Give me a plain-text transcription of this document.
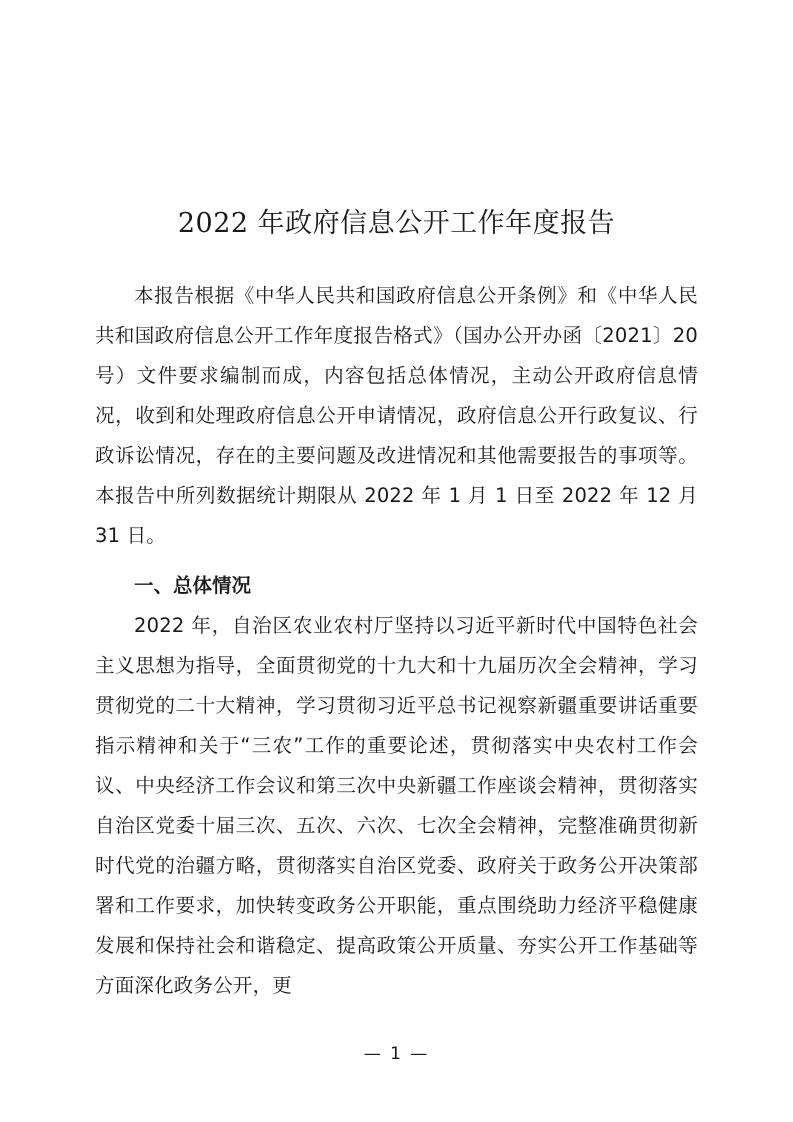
2022 年政府信息公开工作年度报告

本报告根据《中华人民共和国政府信息公开条例》和《中华人民共和国政府信息公开工作年度报告格式》（国办公开办函〔2021〕20 号）文件要求编制而成，内容包括总体情况，主动公开政府信息情况，收到和处理政府信息公开申请情况，政府信息公开行政复议、行政诉讼情况，存在的主要问题及改进情况和其他需要报告的事项等。本报告中所列数据统计期限从 2022 年 1 月 1 日至 2022 年 12 月 31 日。

一、总体情况

2022 年，自治区农业农村厅坚持以习近平新时代中国特色社会主义思想为指导，全面贯彻党的十九大和十九届历次全会精神，学习贯彻党的二十大精神，学习贯彻习近平总书记视察新疆重要讲话重要指示精神和关于“三农”工作的重要论述，贯彻落实中央农村工作会议、中央经济工作会议和第三次中央新疆工作座谈会精神，贯彻落实自治区党委十届三次、五次、六次、七次全会精神，完整准确贯彻新时代党的治疆方略，贯彻落实自治区党委、政府关于政务公开决策部署和工作要求，加快转变政务公开职能，重点围绕助力经济平稳健康发展和保持社会和谐稳定、提高政策公开质量、夯实公开工作基础等方面深化政务公开，更

— 1 —
